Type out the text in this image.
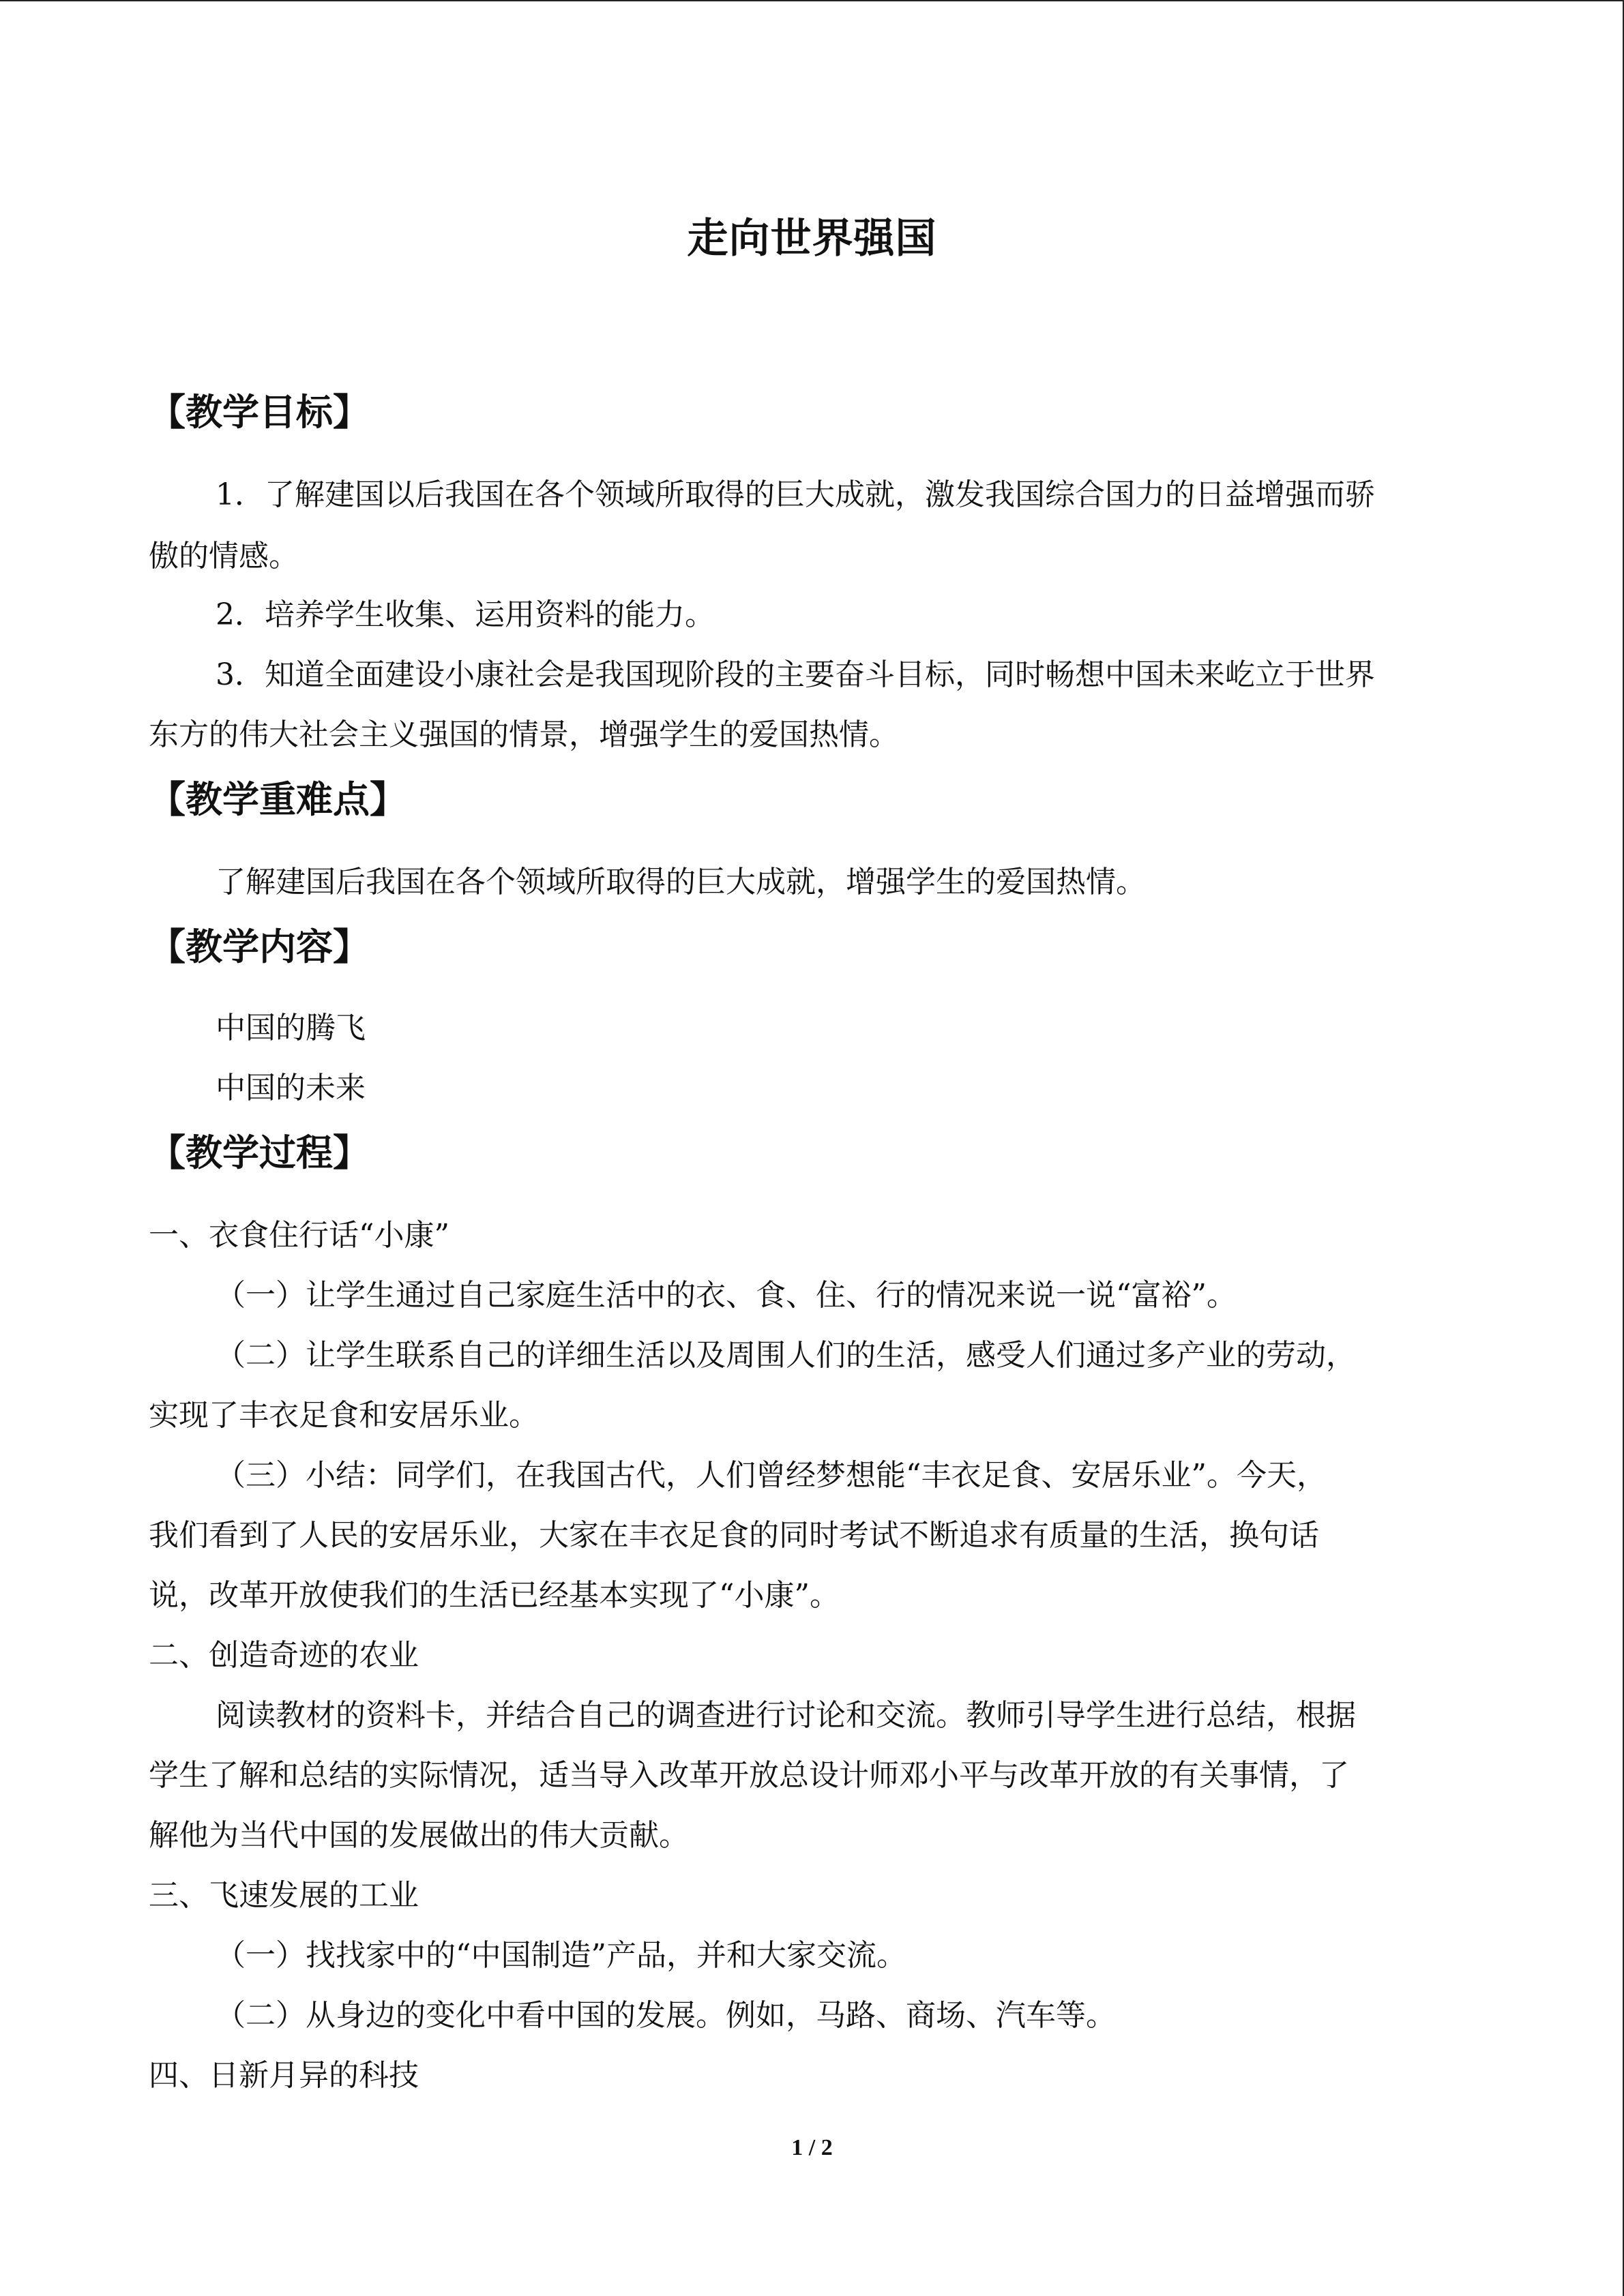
走向世界强国
【教学目标】
1．了解建国以后我国在各个领域所取得的巨大成就，激发我国综合国力的日益增强而骄
傲的情感。
2．培养学生收集、运用资料的能力。
3．知道全面建设小康社会是我国现阶段的主要奋斗目标，同时畅想中国未来屹立于世界
东方的伟大社会主义强国的情景，增强学生的爱国热情。
【教学重难点】
了解建国后我国在各个领域所取得的巨大成就，增强学生的爱国热情。
【教学内容】
中国的腾飞
中国的未来
【教学过程】
一、衣食住行话“小康”
（一）让学生通过自己家庭生活中的衣、食、住、行的情况来说一说“富裕”。
（二）让学生联系自己的详细生活以及周围人们的生活，感受人们通过多产业的劳动，
实现了丰衣足食和安居乐业。
（三）小结：同学们，在我国古代，人们曾经梦想能“丰衣足食、安居乐业”。今天，
我们看到了人民的安居乐业，大家在丰衣足食的同时考试不断追求有质量的生活，换句话
说，改革开放使我们的生活已经基本实现了“小康”。
二、创造奇迹的农业
阅读教材的资料卡，并结合自己的调查进行讨论和交流。教师引导学生进行总结，根据
学生了解和总结的实际情况，适当导入改革开放总设计师邓小平与改革开放的有关事情，了
解他为当代中国的发展做出的伟大贡献。
三、飞速发展的工业
（一）找找家中的“中国制造”产品，并和大家交流。
（二）从身边的变化中看中国的发展。例如，马路、商场、汽车等。
四、日新月异的科技
1 / 2
